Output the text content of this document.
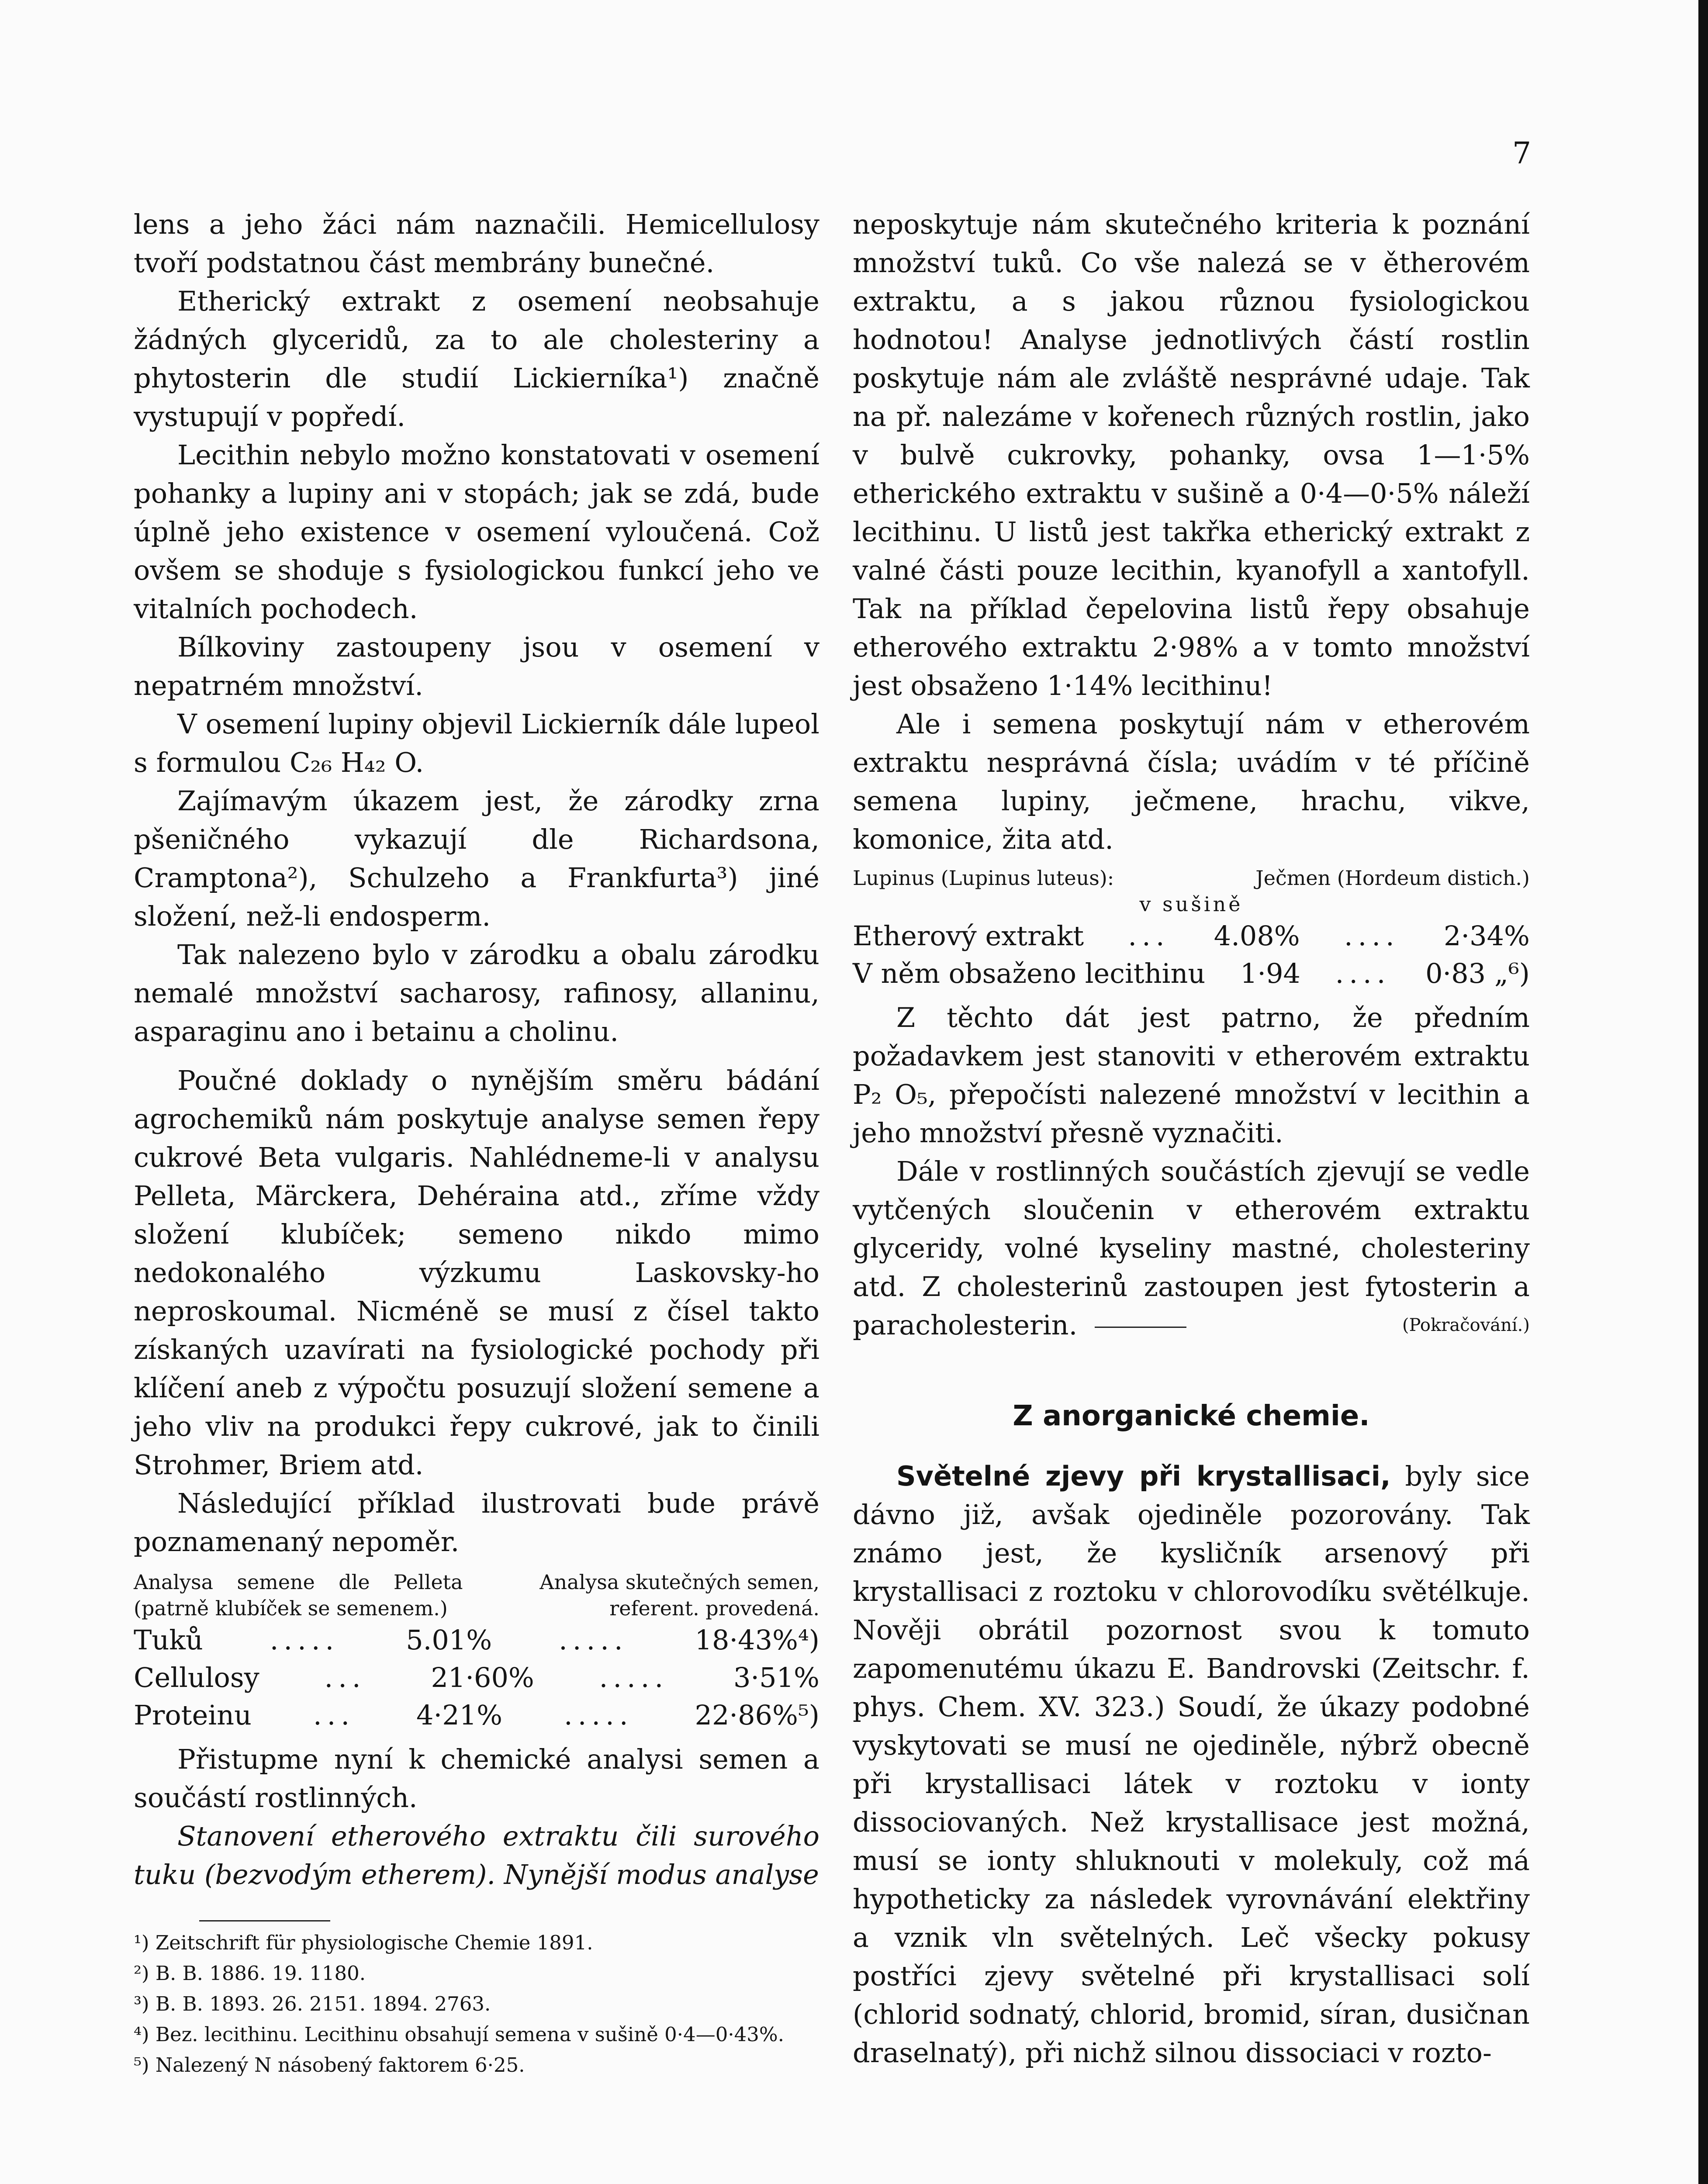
7

lens a jeho žáci nám naznačili. Hemicellulosy tvoří podstatnou část membrány bunečné.

Etherický extrakt z osemení neobsahuje žádných glyceridů, za to ale cholesteriny a phytosterin dle studií Lickierníka¹) značně vystupují v popředí.

Lecithin nebylo možno konstatovati v osemení pohanky a lupiny ani v stopách; jak se zdá, bude úplně jeho existence v osemení vyloučená. Což ovšem se shoduje s fysiologickou funkcí jeho ve vitalních pochodech.

Bílkoviny zastoupeny jsou v osemení v nepatrném množství.

V osemení lupiny objevil Lickierník dále lupeol s formulou C₂₆ H₄₂ O.

Zajímavým úkazem jest, že zárodky zrna pšeničného vykazují dle Richardsona, Cramptona²), Schulzeho a Frankfurta³) jiné složení, než-li endosperm.

Tak nalezeno bylo v zárodku a obalu zárodku nemalé množství sacharosy, rafinosy, allaninu, asparaginu ano i betainu a cholinu.

Poučné doklady o nynějším směru bádání agrochemiků nám poskytuje analyse semen řepy cukrové Beta vulgaris. Nahlédneme-li v analysu Pelleta, Märckera, Dehéraina atd., zříme vždy složení klubíček; semeno nikdo mimo nedokonalého výzkumu Laskovsky-ho neproskoumal. Nicméně se musí z čísel takto získaných uzavírati na fysiologické pochody při klíčení aneb z výpočtu posuzují složení semene a jeho vliv na produkci řepy cukrové, jak to činili Strohmer, Briem atd.

Následující příklad ilustrovati bude právě poznamenaný nepoměr.

Analysa semene dle Pelleta (patrně klubíček se semenem.)
Analysa skutečných semen, referent. provedená.
Tuků ..... 5.01% ..... 18·43%⁴)
Cellulosy ... 21·60% ..... 3·51%
Proteinu ... 4·21% ..... 22·86%⁵)

Přistupme nyní k chemické analysi semen a součástí rostlinných.

Stanovení etherového extraktu čili surového tuku (bezvodým etherem). Nynější modus analyse

¹) Zeitschrift für physiologische Chemie 1891.

²) B. B. 1886. 19. 1180.

³) B. B. 1893. 26. 2151. 1894. 2763.

⁴) Bez. lecithinu. Lecithinu obsahují semena v sušině 0·4—0·43%.

⁵) Nalezený N násobený faktorem 6·25.

neposkytuje nám skutečného kriteria k poznání množství tuků. Co vše nalezá se v ětherovém extraktu, a s jakou různou fysiologickou hodnotou! Analyse jednotlivých částí rostlin poskytuje nám ale zvláště nesprávné udaje. Tak na př. nalezáme v kořenech různých rostlin, jako v bulvě cukrovky, pohanky, ovsa 1—1·5% etherického extraktu v sušině a 0·4—0·5% náleží lecithinu. U listů jest takřka etherický extrakt z valné části pouze lecithin, kyanofyll a xantofyll. Tak na příklad čepelovina listů řepy obsahuje etherového extraktu 2·98% a v tomto množství jest obsaženo 1·14% lecithinu!

Ale i semena poskytují nám v etherovém extraktu nesprávná čísla; uvádím v té příčině semena lupiny, ječmene, hrachu, vikve, komonice, žita atd.

Lupinus (Lupinus luteus):	Ječmen (Hordeum distich.)
v sušině
Etherový extrakt ... 4.08% .... 2·34%
V něm obsaženo lecithinu 1·94 .... 0·83 „⁶)

Z těchto dát jest patrno, že předním požadavkem jest stanoviti v etherovém extraktu P₂ O₅, přepočísti nalezené množství v lecithin a jeho množství přesně vyznačiti.

Dále v rostlinných součástích zjevují se vedle vytčených sloučenin v etherovém extraktu glyceridy, volné kyseliny mastné, cholesteriny atd. Z cholesterinů zastoupen jest fytosterin a paracholesterin.	(Pokračování.)

Z anorganické chemie.

Světelné zjevy při krystallisaci, byly sice dávno již, avšak ojediněle pozorovány. Tak známo jest, že kysličník arsenový při krystallisaci z roztoku v chlorovodíku světélkuje. Nověji obrátil pozornost svou k tomuto zapomenutému úkazu E. Bandrovski (Zeitschr. f. phys. Chem. XV. 323.) Soudí, že úkazy podobné vyskytovati se musí ne ojediněle, nýbrž obecně při krystallisaci látek v roztoku v ionty dissociovaných. Než krystallisace jest možná, musí se ionty shluknouti v molekuly, což má hypotheticky za následek vyrovnávání elektřiny a vznik vln světelných. Leč všecky pokusy postříci zjevy světelné při krystallisaci solí (chlorid sodnatý, chlorid, bromid, síran, dusičnan draselnatý), při nichž silnou dissociaci v rozto-
